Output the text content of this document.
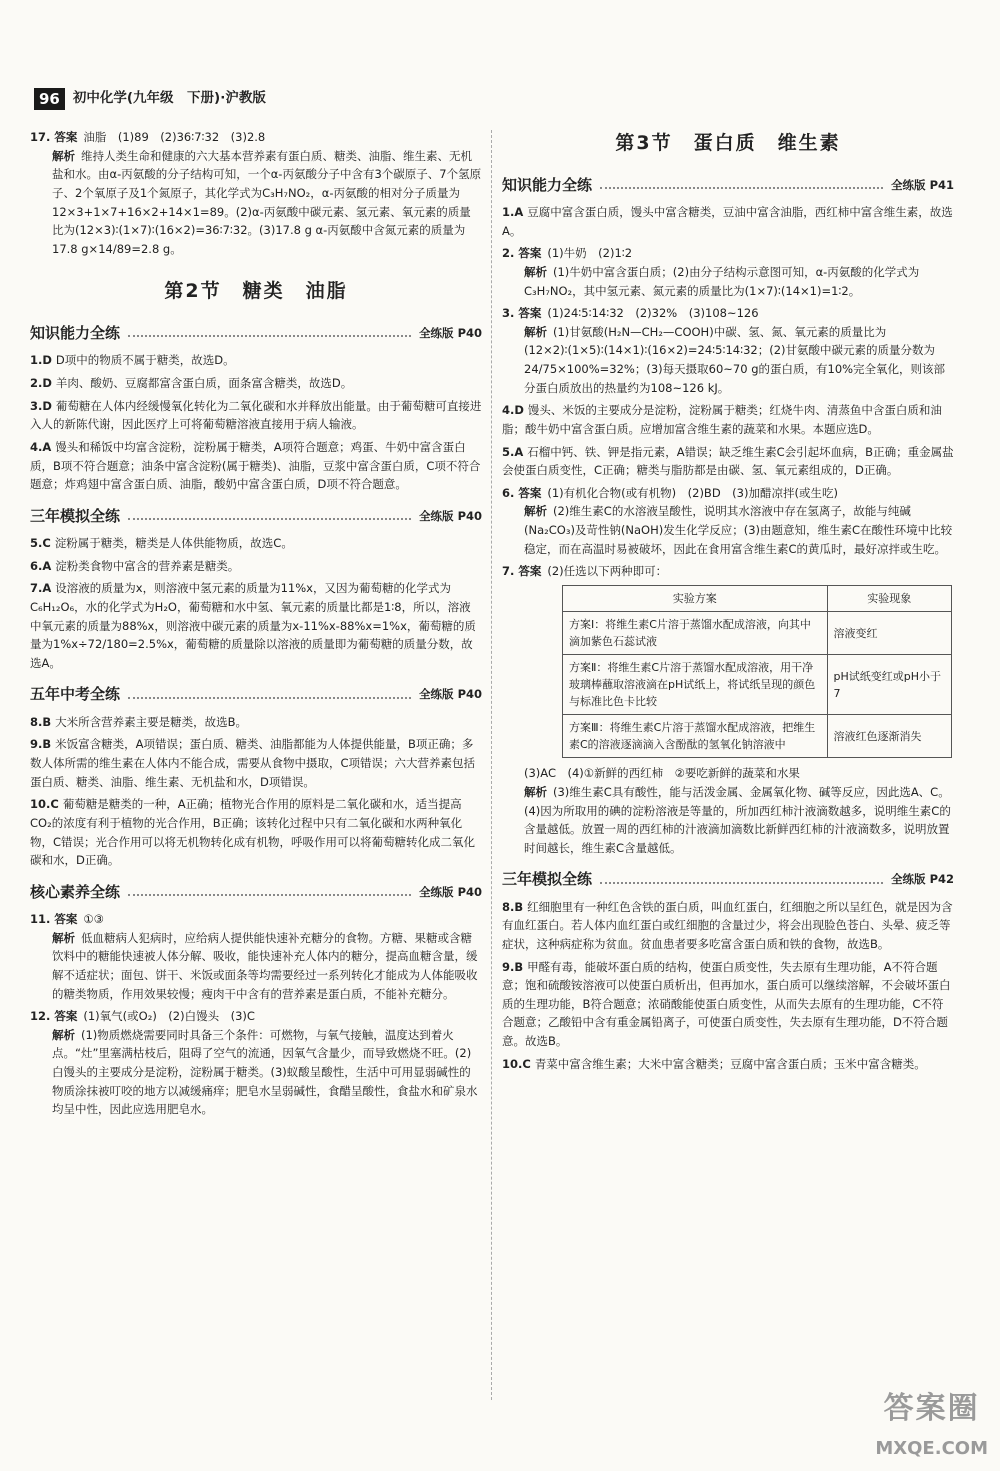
96 初中化学(九年级　下册)·沪教版

17. 答案 油脂　(1)89　(2)36∶7∶32　(3)2.8

解析 维持人类生命和健康的六大基本营养素有蛋白质、糖类、油脂、维生素、无机盐和水。由α-丙氨酸的分子结构可知，一个α-丙氨酸分子中含有3个碳原子、7个氢原子、2个氧原子及1个氮原子，其化学式为C₃H₇NO₂，α-丙氨酸的相对分子质量为12×3+1×7+16×2+14×1=89。(2)α-丙氨酸中碳元素、氢元素、氧元素的质量比为(12×3)∶(1×7)∶(16×2)=36∶7∶32。(3)17.8 g α-丙氨酸中含氮元素的质量为17.8 g×14/89=2.8 g。

第2节　糖类　油脂
知识能力全练	全练版 P40

1.D D项中的物质不属于糖类，故选D。

2.D 羊肉、酸奶、豆腐都富含蛋白质，面条富含糖类，故选D。

3.D 葡萄糖在人体内经缓慢氧化转化为二氧化碳和水并释放出能量。由于葡萄糖可直接进入人的新陈代谢，因此医疗上可将葡萄糖溶液直接用于病人输液。

4.A 馒头和稀饭中均富含淀粉，淀粉属于糖类，A项符合题意；鸡蛋、牛奶中富含蛋白质，B项不符合题意；油条中富含淀粉(属于糖类)、油脂，豆浆中富含蛋白质，C项不符合题意；炸鸡翅中富含蛋白质、油脂，酸奶中富含蛋白质，D项不符合题意。

三年模拟全练	全练版 P40

5.C 淀粉属于糖类，糖类是人体供能物质，故选C。

6.A 淀粉类食物中富含的营养素是糖类。

7.A 设溶液的质量为x，则溶液中氢元素的质量为11%x，又因为葡萄糖的化学式为C₆H₁₂O₆，水的化学式为H₂O，葡萄糖和水中氢、氧元素的质量比都是1∶8，所以，溶液中氧元素的质量为88%x，则溶液中碳元素的质量为x-11%x-88%x=1%x，葡萄糖的质量为1%x÷72/180=2.5%x，葡萄糖的质量除以溶液的质量即为葡萄糖的质量分数，故选A。

五年中考全练	全练版 P40

8.B 大米所含营养素主要是糖类，故选B。

9.B 米饭富含糖类，A项错误；蛋白质、糖类、油脂都能为人体提供能量，B项正确；多数人体所需的维生素在人体内不能合成，需要从食物中摄取，C项错误；六大营养素包括蛋白质、糖类、油脂、维生素、无机盐和水，D项错误。

10.C 葡萄糖是糖类的一种，A正确；植物光合作用的原料是二氧化碳和水，适当提高CO₂的浓度有利于植物的光合作用，B正确；该转化过程中只有二氧化碳和水两种氧化物，C错误；光合作用可以将无机物转化成有机物，呼吸作用可以将葡萄糖转化成二氧化碳和水，D正确。

核心素养全练	全练版 P40

11. 答案 ①③

解析 低血糖病人犯病时，应给病人提供能快速补充糖分的食物。方糖、果糖或含糖饮料中的糖能快速被人体分解、吸收，能快速补充人体内的糖分，提高血糖含量，缓解不适症状；面包、饼干、米饭或面条等均需要经过一系列转化才能成为人体能吸收的糖类物质，作用效果较慢；瘦肉干中含有的营养素是蛋白质，不能补充糖分。

12. 答案 (1)氧气(或O₂)　(2)白馒头　(3)C

解析 (1)物质燃烧需要同时具备三个条件：可燃物，与氧气接触，温度达到着火点。“灶”里塞满枯枝后，阻碍了空气的流通，因氧气含量少，而导致燃烧不旺。(2)白馒头的主要成分是淀粉，淀粉属于糖类。(3)蚁酸呈酸性，生活中可用显弱碱性的物质涂抹被叮咬的地方以减缓痛痒；肥皂水呈弱碱性，食醋呈酸性，食盐水和矿泉水均呈中性，因此应选用肥皂水。

第3节　蛋白质　维生素
知识能力全练	全练版 P41

1.A 豆腐中富含蛋白质，馒头中富含糖类，豆油中富含油脂，西红柿中富含维生素，故选A。

2. 答案 (1)牛奶　(2)1∶2

解析 (1)牛奶中富含蛋白质；(2)由分子结构示意图可知，α-丙氨酸的化学式为C₃H₇NO₂，其中氢元素、氮元素的质量比为(1×7)∶(14×1)=1∶2。

3. 答案 (1)24∶5∶14∶32　(2)32%　(3)108~126

解析 (1)甘氨酸(H₂N—CH₂—COOH)中碳、氢、氮、氧元素的质量比为(12×2)∶(1×5)∶(14×1)∶(16×2)=24∶5∶14∶32；(2)甘氨酸中碳元素的质量分数为24/75×100%=32%；(3)每天摄取60~70 g的蛋白质，有10%完全氧化，则该部分蛋白质放出的热量约为108~126 kJ。

4.D 馒头、米饭的主要成分是淀粉，淀粉属于糖类；红烧牛肉、清蒸鱼中含蛋白质和油脂；酸牛奶中富含蛋白质。应增加富含维生素的蔬菜和水果。本题应选D。

5.A 石榴中钙、铁、钾是指元素，A错误；缺乏维生素C会引起坏血病，B正确；重金属盐会使蛋白质变性，C正确；糖类与脂肪都是由碳、氢、氧元素组成的，D正确。

6. 答案 (1)有机化合物(或有机物)　(2)BD　(3)加醋凉拌(或生吃)

解析 (2)维生素C的水溶液呈酸性，说明其水溶液中存在氢离子，故能与纯碱(Na₂CO₃)及苛性钠(NaOH)发生化学反应；(3)由题意知，维生素C在酸性环境中比较稳定，而在高温时易被破坏，因此在食用富含维生素C的黄瓜时，最好凉拌或生吃。

7. 答案 (2)任选以下两种即可：

实验方案	实验现象
方案Ⅰ：将维生素C片溶于蒸馏水配成溶液，向其中滴加紫色石蕊试液	溶液变红
方案Ⅱ：将维生素C片溶于蒸馏水配成溶液，用干净玻璃棒蘸取溶液滴在pH试纸上，将试纸呈现的颜色与标准比色卡比较	pH试纸变红或pH小于7
方案Ⅲ：将维生素C片溶于蒸馏水配成溶液，把维生素C的溶液逐滴滴入含酚酞的氢氧化钠溶液中	溶液红色逐渐消失

(3)AC　(4)①新鲜的西红柿　②要吃新鲜的蔬菜和水果

解析 (3)维生素C具有酸性，能与活泼金属、金属氧化物、碱等反应，因此选A、C。(4)因为所取用的碘的淀粉溶液是等量的，所加西红柿汁液滴数越多，说明维生素C的含量越低。放置一周的西红柿的汁液滴加滴数比新鲜西红柿的汁液滴数多，说明放置时间越长，维生素C含量越低。

三年模拟全练	全练版 P42

8.B 红细胞里有一种红色含铁的蛋白质，叫血红蛋白，红细胞之所以呈红色，就是因为含有血红蛋白。若人体内血红蛋白或红细胞的含量过少，将会出现脸色苍白、头晕、疲乏等症状，这种病症称为贫血。贫血患者要多吃富含蛋白质和铁的食物，故选B。

9.B 甲醛有毒，能破坏蛋白质的结构，使蛋白质变性，失去原有生理功能，A不符合题意；饱和硫酸铵溶液可以使蛋白质析出，但再加水，蛋白质可以继续溶解，不会破坏蛋白质的生理功能，B符合题意；浓硝酸能使蛋白质变性，从而失去原有的生理功能，C不符合题意；乙酸铅中含有重金属铅离子，可使蛋白质变性，失去原有生理功能，D不符合题意。故选B。

10.C 青菜中富含维生素；大米中富含糖类；豆腐中富含蛋白质；玉米中富含糖类。

答案圈
MXQE.COM
